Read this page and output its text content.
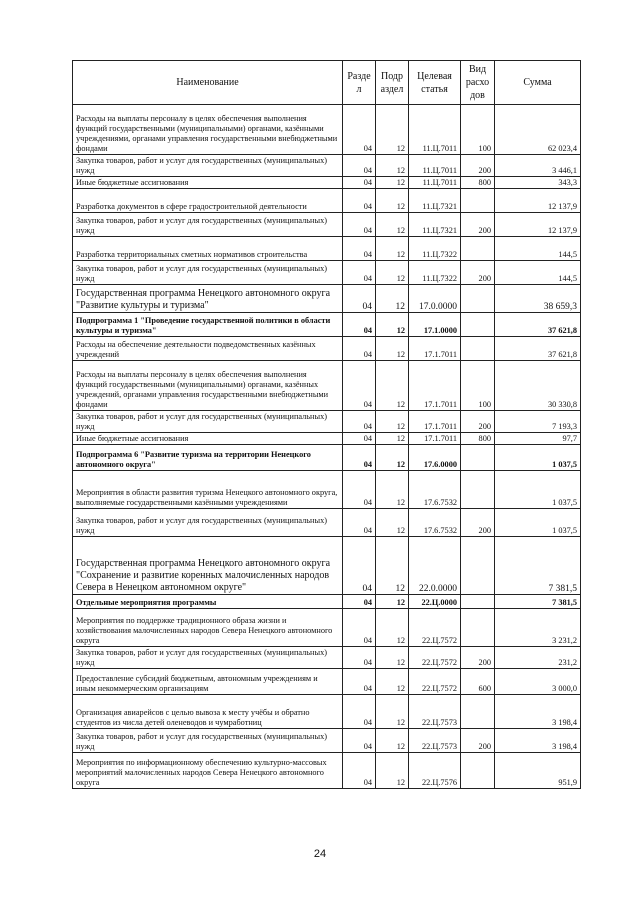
Наименование	Разде л	Подр аздел	Целевая статья	Вид расхо дов	Сумма
Расходы на выплаты персоналу в целях обеспечения выполнения функций государственными (муниципальными) органами, казёнными учреждениями, органами управления государственными внебюджетными фондами	04	12	11.Ц.7011	100	62 023,4
Закупка товаров, работ и услуг для государственных (муниципальных) нужд	04	12	11.Ц.7011	200	3 446,1
Иные бюджетные ассигнования	04	12	11.Ц.7011	800	343,3
Разработка документов в сфере градостроительной деятельности	04	12	11.Ц.7321		12 137,9
Закупка товаров, работ и услуг для государственных (муниципальных) нужд	04	12	11.Ц.7321	200	12 137,9
Разработка территориальных сметных нормативов строительства	04	12	11.Ц.7322		144,5
Закупка товаров, работ и услуг для государственных (муниципальных) нужд	04	12	11.Ц.7322	200	144,5
Государственная программа Ненецкого автономного округа "Развитие культуры и туризма"	04	12	17.0.0000		38 659,3
Подпрограмма 1 "Проведение государственной политики в области культуры и туризма"	04	12	17.1.0000		37 621,8
Расходы на обеспечение деятельности подведомственных казённых учреждений	04	12	17.1.7011		37 621,8
Расходы на выплаты персоналу в целях обеспечения выполнения функций государственными (муниципальными) органами, казённых учреждений, органами управления государственными внебюджетными фондами	04	12	17.1.7011	100	30 330,8
Закупка товаров, работ и услуг для государственных (муниципальных) нужд	04	12	17.1.7011	200	7 193,3
Иные бюджетные ассигнования	04	12	17.1.7011	800	97,7
Подпрограмма 6 "Развитие туризма на территории Ненецкого автономного округа"	04	12	17.6.0000		1 037,5
Мероприятия в области развития туризма Ненецкого автономного округа, выполняемые государственными казёнными учреждениями	04	12	17.6.7532		1 037,5
Закупка товаров, работ и услуг для государственных (муниципальных) нужд	04	12	17.6.7532	200	1 037,5
Государственная программа Ненецкого автономного округа "Сохранение и развитие коренных малочисленных народов Севера в Ненецком автономном округе"	04	12	22.0.0000		7 381,5
Отдельные мероприятия программы	04	12	22.Ц.0000		7 381,5
Мероприятия по поддержке традиционного образа жизни и хозяйствования малочисленных народов Севера Ненецкого автономного округа	04	12	22.Ц.7572		3 231,2
Закупка товаров, работ и услуг для государственных (муниципальных) нужд	04	12	22.Ц.7572	200	231,2
Предоставление субсидий бюджетным, автономным учреждениям и иным некоммерческим организациям	04	12	22.Ц.7572	600	3 000,0
Организация авиарейсов с целью вывоза к месту учёбы и обратно студентов из числа детей оленеводов и чумработниц	04	12	22.Ц.7573		3 198,4
Закупка товаров, работ и услуг для государственных (муниципальных) нужд	04	12	22.Ц.7573	200	3 198,4
Мероприятия по информационному обеспечению культурно-массовых мероприятий малочисленных народов Севера Ненецкого автономного округа	04	12	22.Ц.7576		951,9
24
